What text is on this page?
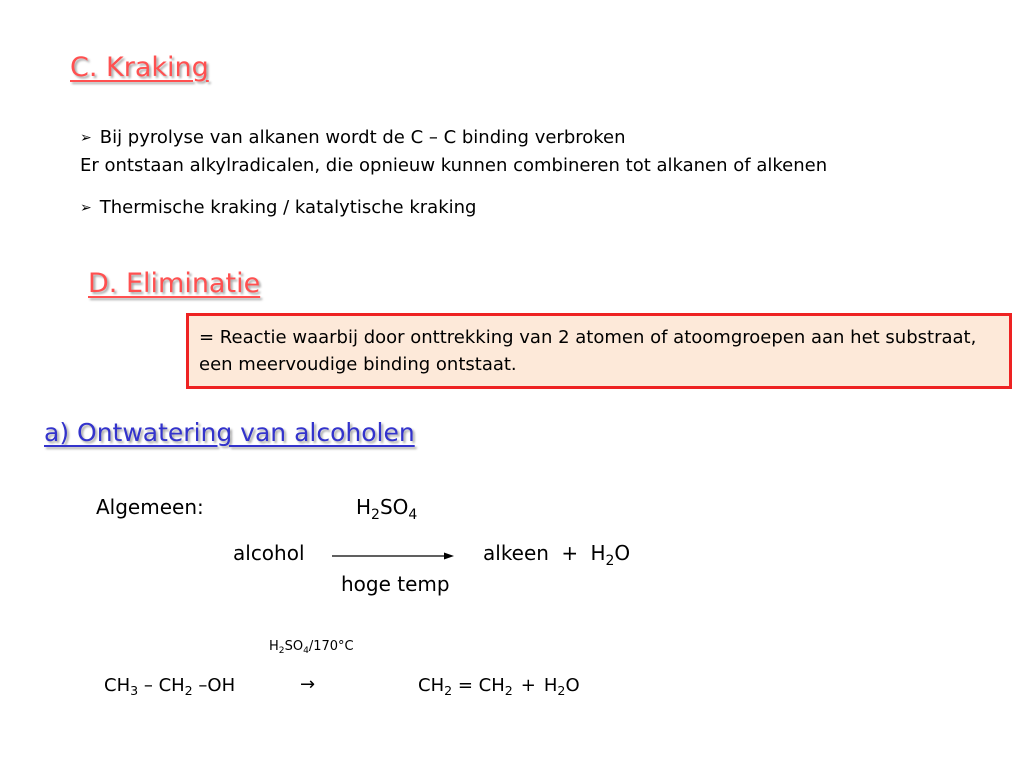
C. Kraking
➢ Bij pyrolyse van alkanen wordt de C – C binding verbroken
Er ontstaan alkylradicalen, die opnieuw kunnen combineren tot alkanen of alkenen
➢ Thermische kraking / katalytische kraking
D. Eliminatie
= Reactie waarbij door onttrekking van 2 atomen of atoomgroepen aan het substraat, een meervoudige binding ontstaat.
a) Ontwatering van alcoholen
Algemeen:	$H_2SO_4$
alcohol	alkeen + $H_2O$
hoge temp
$H_2SO_4/170^\circ C$
$CH_3 - CH_2$ –OH	→	$CH_2 = CH_2 + H_2O$
